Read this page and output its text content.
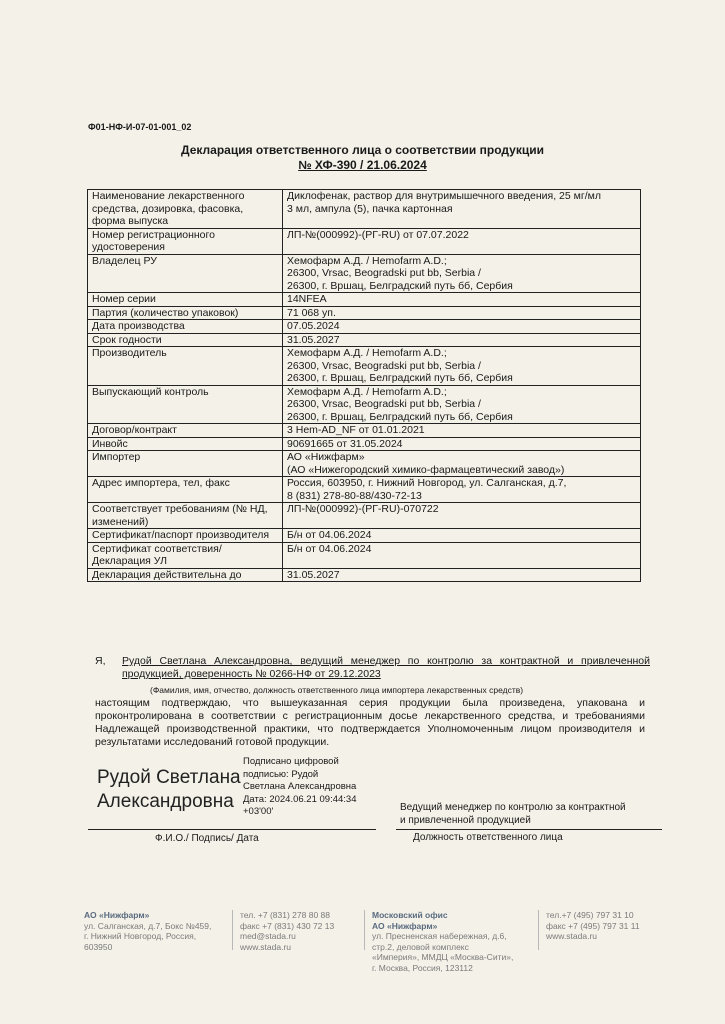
Ф01-НФ-И-07-01-001_02
Декларация ответственного лица о соответствии продукции
№ ХФ-390 / 21.06.2024
Наименование лекарственного средства, дозировка, фасовка, форма выпуска	Диклофенак, раствор для внутримышечного введения, 25 мг/мл
3 мл, ампула (5), пачка картонная

Номер регистрационного удостоверения	ЛП-№(000992)-(РГ-RU) от 07.07.2022

Владелец РУ	Хемофарм А.Д. / Hemofarm A.D.;
26300, Vrsac, Beogradski put bb, Serbia /
26300, г. Вршац, Белградский путь бб, Сербия

Номер серии	14NFEA

Партия (количество упаковок)	71 068 уп.

Дата производства	07.05.2024

Срок годности	31.05.2027

Производитель	Хемофарм А.Д. / Hemofarm A.D.;
26300, Vrsac, Beogradski put bb, Serbia /
26300, г. Вршац, Белградский путь бб, Сербия

Выпускающий контроль	Хемофарм А.Д. / Hemofarm A.D.;
26300, Vrsac, Beogradski put bb, Serbia /
26300, г. Вршац, Белградский путь бб, Сербия

Договор/контракт	3 Hem-AD_NF от 01.01.2021

Инвойс	90691665 от 31.05.2024

Импортер	АО «Нижфарм»
(АО «Нижегородский химико-фармацевтический завод»)

Адрес импортера, тел, факс	Россия, 603950, г. Нижний Новгород, ул. Салганская, д.7,
8 (831) 278-80-88/430-72-13

Соответствует требованиям (№ НД, изменений)	ЛП-№(000992)-(РГ-RU)-070722

Сертификат/паспорт производителя	Б/н от 04.06.2024

Сертификат соответствия/Декларация УЛ	Б/н от 04.06.2024

Декларация действительна до	31.05.2027
Я,	Рудой Светлана Александровна, ведущий менеджер по контролю за контрактной и привлеченной продукцией, доверенность № 0266-НФ от 29.12.2023
(Фамилия, имя, отчество, должность ответственного лица импортера лекарственных средств)
настоящим подтверждаю, что вышеуказанная серия продукции была произведена, упакована и проконтролирована в соответствии с регистрационным досье лекарственного средства, и требованиями Надлежащей производственной практики, что подтверждается Уполномоченным лицом производителя и результатами исследований готовой продукции.
Рудой Светлана
Александровна
Подписано цифровой
подписью: Рудой
Светлана Александровна
Дата: 2024.06.21 09:44:34
+03'00'
Ф.И.О./ Подпись/ Дата
Ведущий менеджер по контролю за контрактной
и привлеченной продукцией
Должность ответственного лица
АО «Нижфарм»
ул. Салганская, д.7, Бокс №459,
г. Нижний Новгород, Россия,
603950
тел. +7 (831) 278 80 88
факс +7 (831) 430 72 13
med@stada.ru
www.stada.ru
Московский офис
АО «Нижфарм»
ул. Пресненская набережная, д.6,
стр.2, деловой комплекс
«Империя», ММДЦ «Москва-Сити»,
г. Москва, Россия, 123112
тел.+7 (495) 797 31 10
факс +7 (495) 797 31 11
www.stada.ru
